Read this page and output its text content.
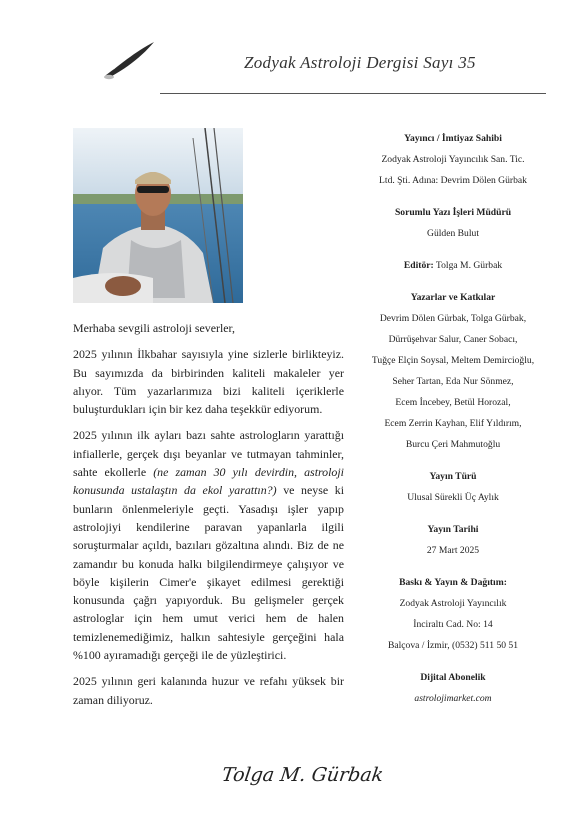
Zodyak Astroloji Dergisi Sayı 35

Merhaba sevgili astroloji severler,

2025 yılının İlkbahar sayısıyla yine sizlerle birlikteyiz. Bu sayımızda da birbirinden kaliteli makaleler yer alıyor. Tüm yazarlarımıza bizi kaliteli içeriklerle buluşturdukları için bir kez daha teşekkür ediyorum.

2025 yılının ilk ayları bazı sahte astrologların yarattığı infiallerle, gerçek dışı beyanlar ve tutmayan tahminler, sahte ekollerle (ne zaman 30 yılı devirdin, astroloji konusunda ustalaştın da ekol yarattın?) ve neyse ki bunların önlenmeleriyle geçti. Yasadışı işler yapıp astrolojiyi kendilerine paravan yapanlarla ilgili soruşturmalar açıldı, bazıları gözaltına alındı. Biz de ne zamandır bu konuda halkı bilgilendirmeye çalışıyor ve böyle kişilerin Cimer'e şikayet edilmesi gerektiği konusunda çağrı yapıyorduk. Bu gelişmeler gerçek astrologlar için hem umut verici hem de halen temizlenemediğimiz, halkın sahtesiyle gerçeğini hala %100 ayıramadığı gerçeği ile de yüzleştirici.

2025 yılının geri kalanında huzur ve refahı yüksek bir zaman diliyoruz.

Tolga M. Gürbak
Yayıncı / İmtiyaz Sahibi
Zodyak Astroloji Yayıncılık San. Tic.
Ltd. Şti. Adına: Devrim Dölen Gürbak
Sorumlu Yazı İşleri Müdürü
Gülden Bulut
Editör: Tolga M. Gürbak
Yazarlar ve Katkılar
Devrim Dölen Gürbak, Tolga Gürbak,
Dürrüşehvar Salur, Caner Sobacı,
Tuğçe Elçin Soysal, Meltem Demircioğlu,
Seher Tartan, Eda Nur Sönmez,
Ecem İncebey, Betül Horozal,
Ecem Zerrin Kayhan, Elif Yıldırım,
Burcu Çeri Mahmutoğlu
Yayın Türü
Ulusal Sürekli Üç Aylık
Yayın Tarihi
27 Mart 2025
Baskı & Yayın & Dağıtım:
Zodyak Astroloji Yayıncılık
İnciraltı Cad. No: 14
Balçova / İzmir, (0532) 511 50 51
Dijital Abonelik
astrolojimarket.com
